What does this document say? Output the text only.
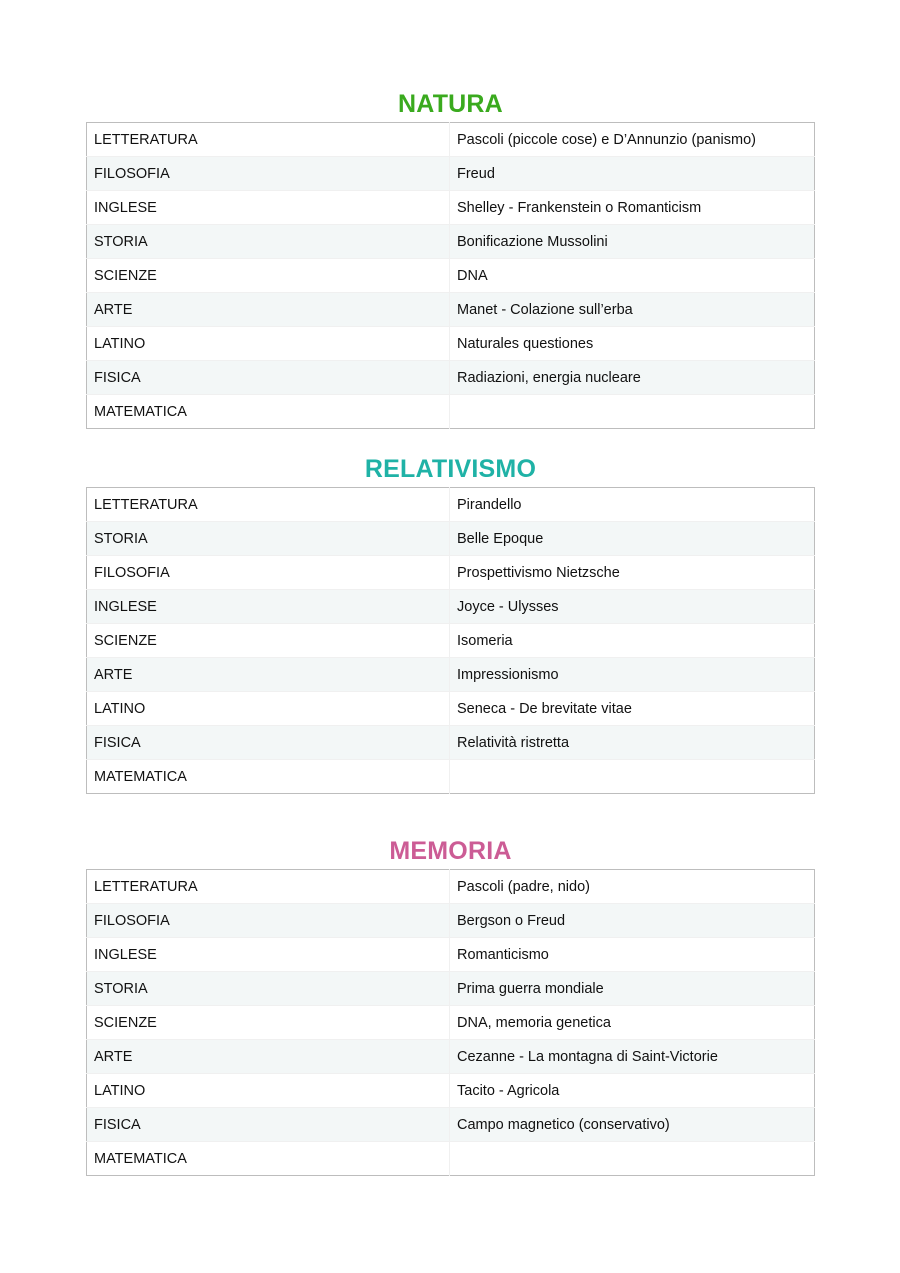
NATURA
LETTERATURA	Pascoli (piccole cose) e D’Annunzio (panismo)
FILOSOFIA	Freud
INGLESE	Shelley - Frankenstein o Romanticism
STORIA	Bonificazione Mussolini
SCIENZE	DNA
ARTE	Manet - Colazione sull’erba
LATINO	Naturales questiones
FISICA	Radiazioni, energia nucleare
MATEMATICA	
RELATIVISMO
LETTERATURA	Pirandello
STORIA	Belle Epoque
FILOSOFIA	Prospettivismo Nietzsche
INGLESE	Joyce - Ulysses
SCIENZE	Isomeria
ARTE	Impressionismo
LATINO	Seneca - De brevitate vitae
FISICA	Relatività ristretta
MATEMATICA	
MEMORIA
LETTERATURA	Pascoli (padre, nido)
FILOSOFIA	Bergson o Freud
INGLESE	Romanticismo
STORIA	Prima guerra mondiale
SCIENZE	DNA, memoria genetica
ARTE	Cezanne - La montagna di Saint-Victorie
LATINO	Tacito - Agricola
FISICA	Campo magnetico (conservativo)
MATEMATICA	
